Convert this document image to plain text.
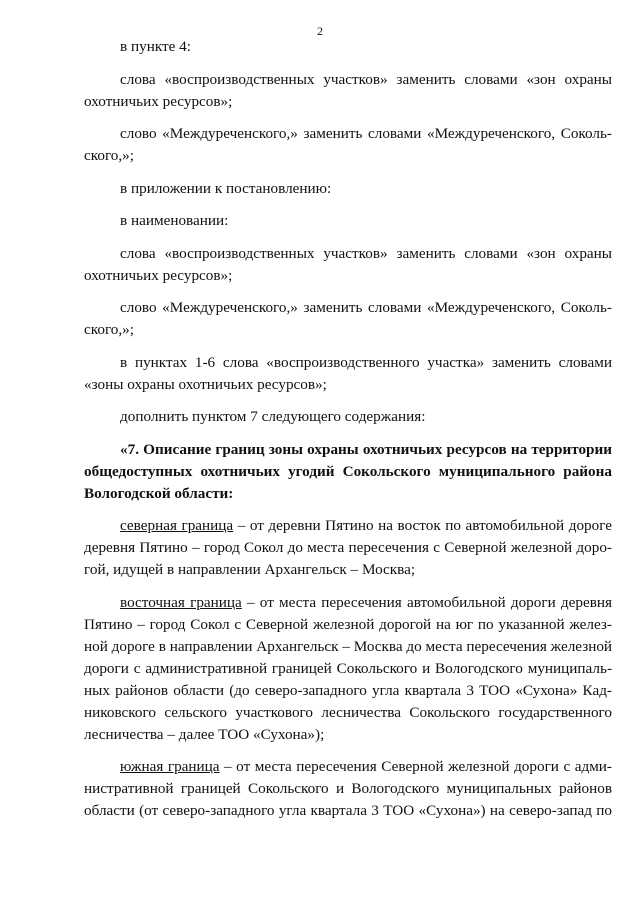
2

в пункте 4:

слова «воспроизводственных участков» заменить словами «зон охраны
охотничьих ресурсов»;

слово «Междуреченского,» заменить словами «Междуреченского, Соколь-
ского,»;

в приложении к постановлению:

в наименовании:

слова «воспроизводственных участков» заменить словами «зон охраны
охотничьих ресурсов»;

слово «Междуреченского,» заменить словами «Междуреченского, Соколь-
ского,»;

в пунктах 1-6 слова «воспроизводственного участка» заменить словами
«зоны охраны охотничьих ресурсов»;

дополнить пунктом 7 следующего содержания:

«7. Описание границ зоны охраны охотничьих ресурсов на территории
общедоступных охотничьих угодий Сокольского муниципального района
Вологодской области:

северная граница – от деревни Пятино на восток по автомобильной дороге
деревня Пятино – город Сокол до места пересечения с Северной железной доро-
гой, идущей в направлении Архангельск – Москва;

восточная граница – от места пересечения автомобильной дороги деревня
Пятино – город Сокол с Северной железной дорогой на юг по указанной желез-
ной дороге в направлении Архангельск – Москва до места пересечения железной
дороги с административной границей Сокольского и Вологодского муниципаль-
ных районов области (до северо-западного угла квартала 3 ТОО «Сухона» Кад-
никовского сельского участкового лесничества Сокольского государственного
лесничества – далее ТОО «Сухона»);

южная граница – от места пересечения Северной железной дороги с адми-
нистративной границей Сокольского и Вологодского муниципальных районов
области (от северо-западного угла квартала 3 ТОО «Сухона») на северо-запад по
